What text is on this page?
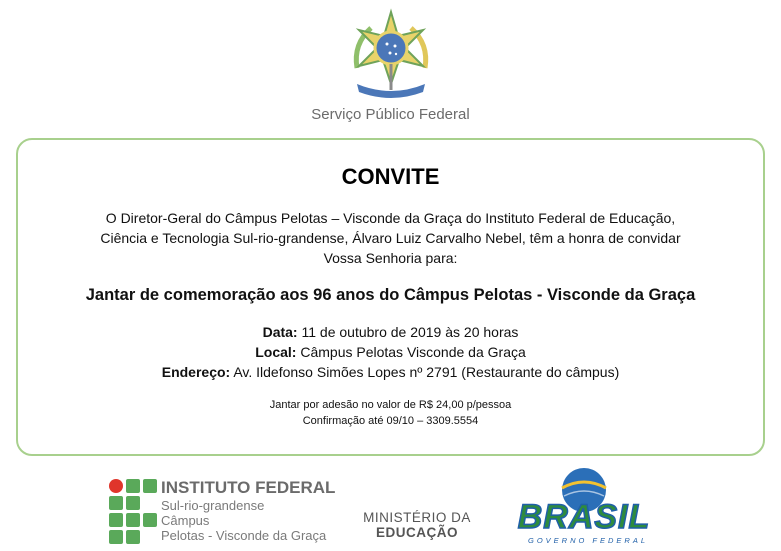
Serviço Público Federal
CONVITE
O Diretor-Geral do Câmpus Pelotas – Visconde da Graça do Instituto Federal de Educação,
Ciência e Tecnologia Sul-rio-grandense, Álvaro Luiz Carvalho Nebel, têm a honra de convidar
Vossa Senhoria para:
Jantar de comemoração aos 96 anos do Câmpus Pelotas - Visconde da Graça
Data: 11 de outubro de 2019 às 20 horas
Local: Câmpus Pelotas Visconde da Graça
Endereço: Av. Ildefonso Simões Lopes nº 2791 (Restaurante do câmpus)
Jantar por adesão no valor de R$ 24,00 p/pessoa
Confirmação até 09/10 – 3309.5554
INSTITUTO FEDERAL
Sul-rio-grandense
Câmpus
Pelotas - Visconde da Graça
MINISTÉRIO DA
EDUCAÇÃO	BRASIL
GOVERNO FEDERAL
